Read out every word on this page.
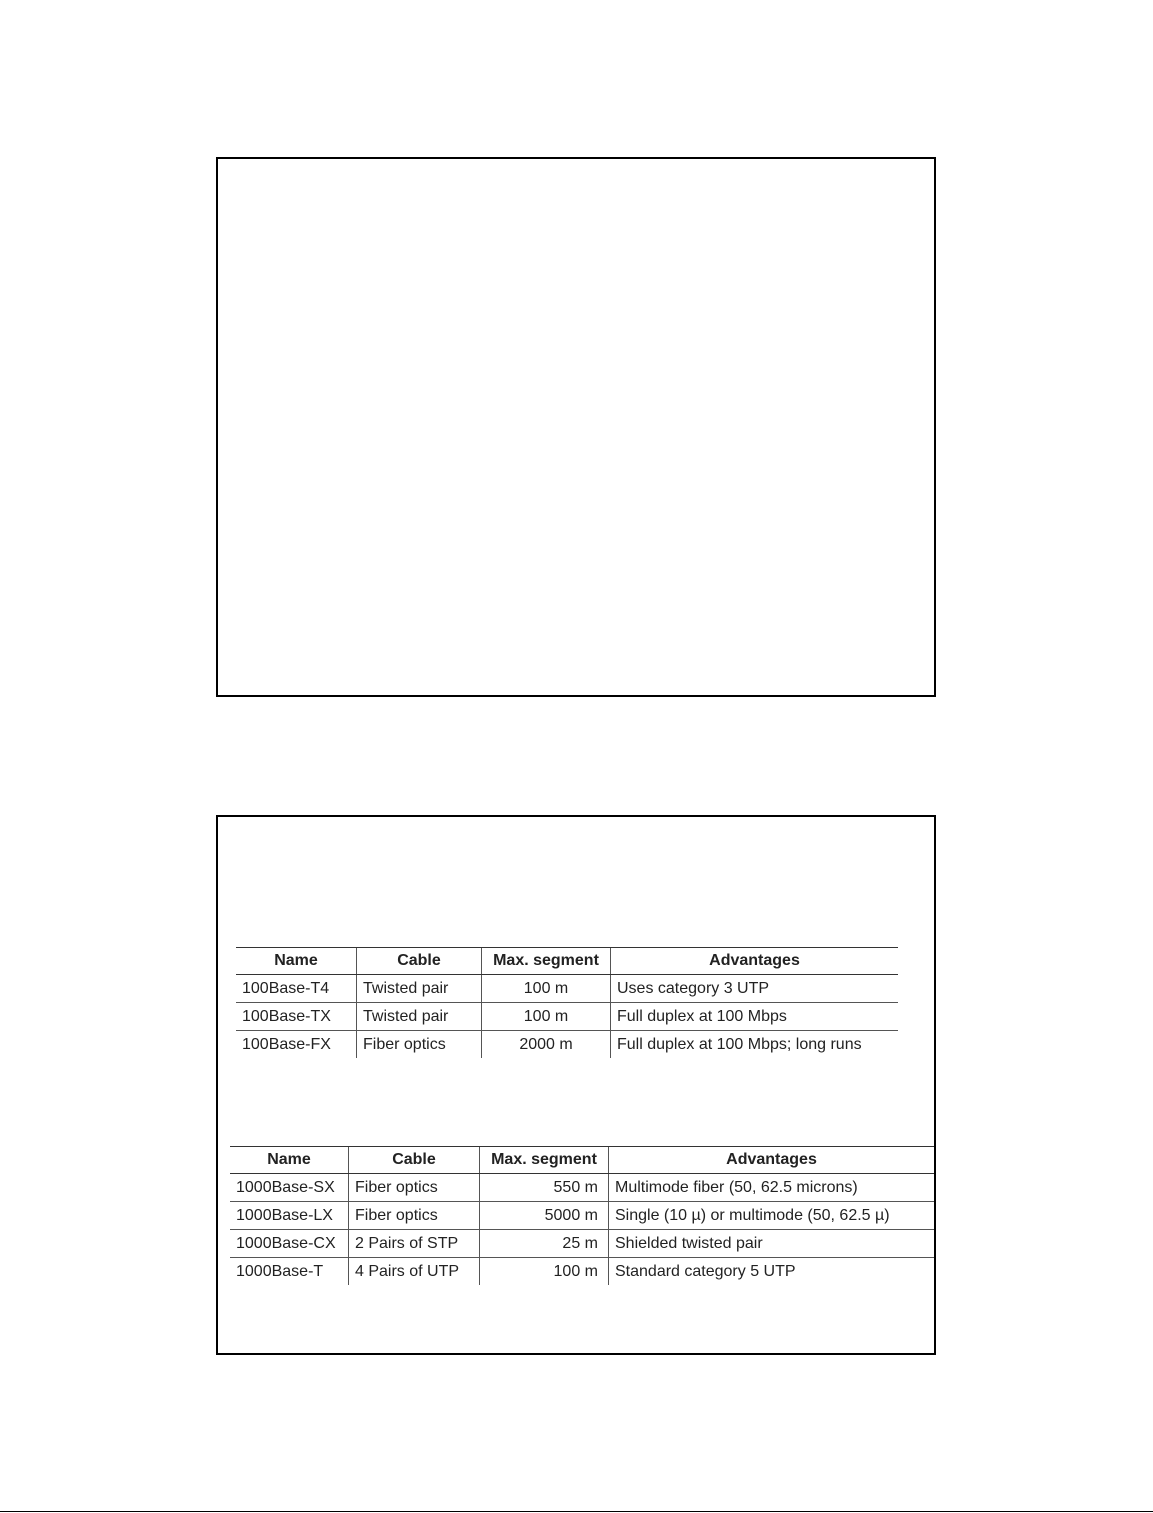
Name	Cable	Max. segment	Advantages
100Base-T4	Twisted pair	100 m	Uses category 3 UTP
100Base-TX	Twisted pair	100 m	Full duplex at 100 Mbps
100Base-FX	Fiber optics	2000 m	Full duplex at 100 Mbps; long runs
Name	Cable	Max. segment	Advantages
1000Base-SX	Fiber optics	550 m	Multimode fiber (50, 62.5 microns)
1000Base-LX	Fiber optics	5000 m	Single (10 µ) or multimode (50, 62.5 µ)
1000Base-CX	2 Pairs of STP	25 m	Shielded twisted pair
1000Base-T	4 Pairs of UTP	100 m	Standard category 5 UTP
